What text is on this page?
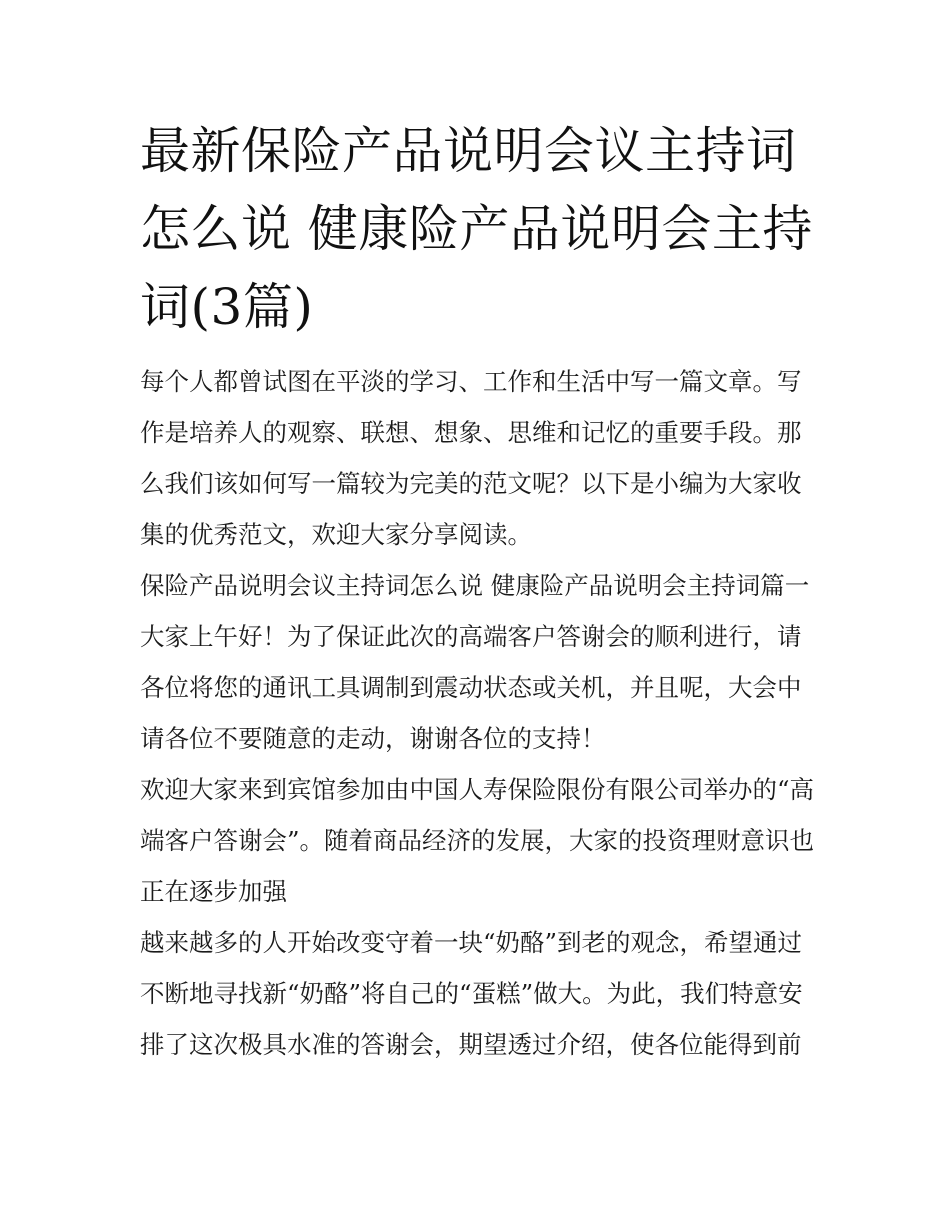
最新保险产品说明会议主持词怎么说 健康险产品说明会主持词(3篇)

每个人都曾试图在平淡的学习、工作和生活中写一篇文章。写作是培养人的观察、联想、想象、思维和记忆的重要手段。那么我们该如何写一篇较为完美的范文呢？以下是小编为大家收集的优秀范文，欢迎大家分享阅读。

保险产品说明会议主持词怎么说 健康险产品说明会主持词篇一

大家上午好！为了保证此次的高端客户答谢会的顺利进行，请各位将您的通讯工具调制到震动状态或关机，并且呢，大会中请各位不要随意的走动，谢谢各位的支持！

欢迎大家来到宾馆参加由中国人寿保险限份有限公司举办的“高端客户答谢会”。随着商品经济的发展，大家的投资理财意识也正在逐步加强

越来越多的人开始改变守着一块“奶酪”到老的观念，希望通过不断地寻找新“奶酪”将自己的“蛋糕”做大。为此，我们特意安排了这次极具水准的答谢会，期望透过介绍，使各位能得到前
